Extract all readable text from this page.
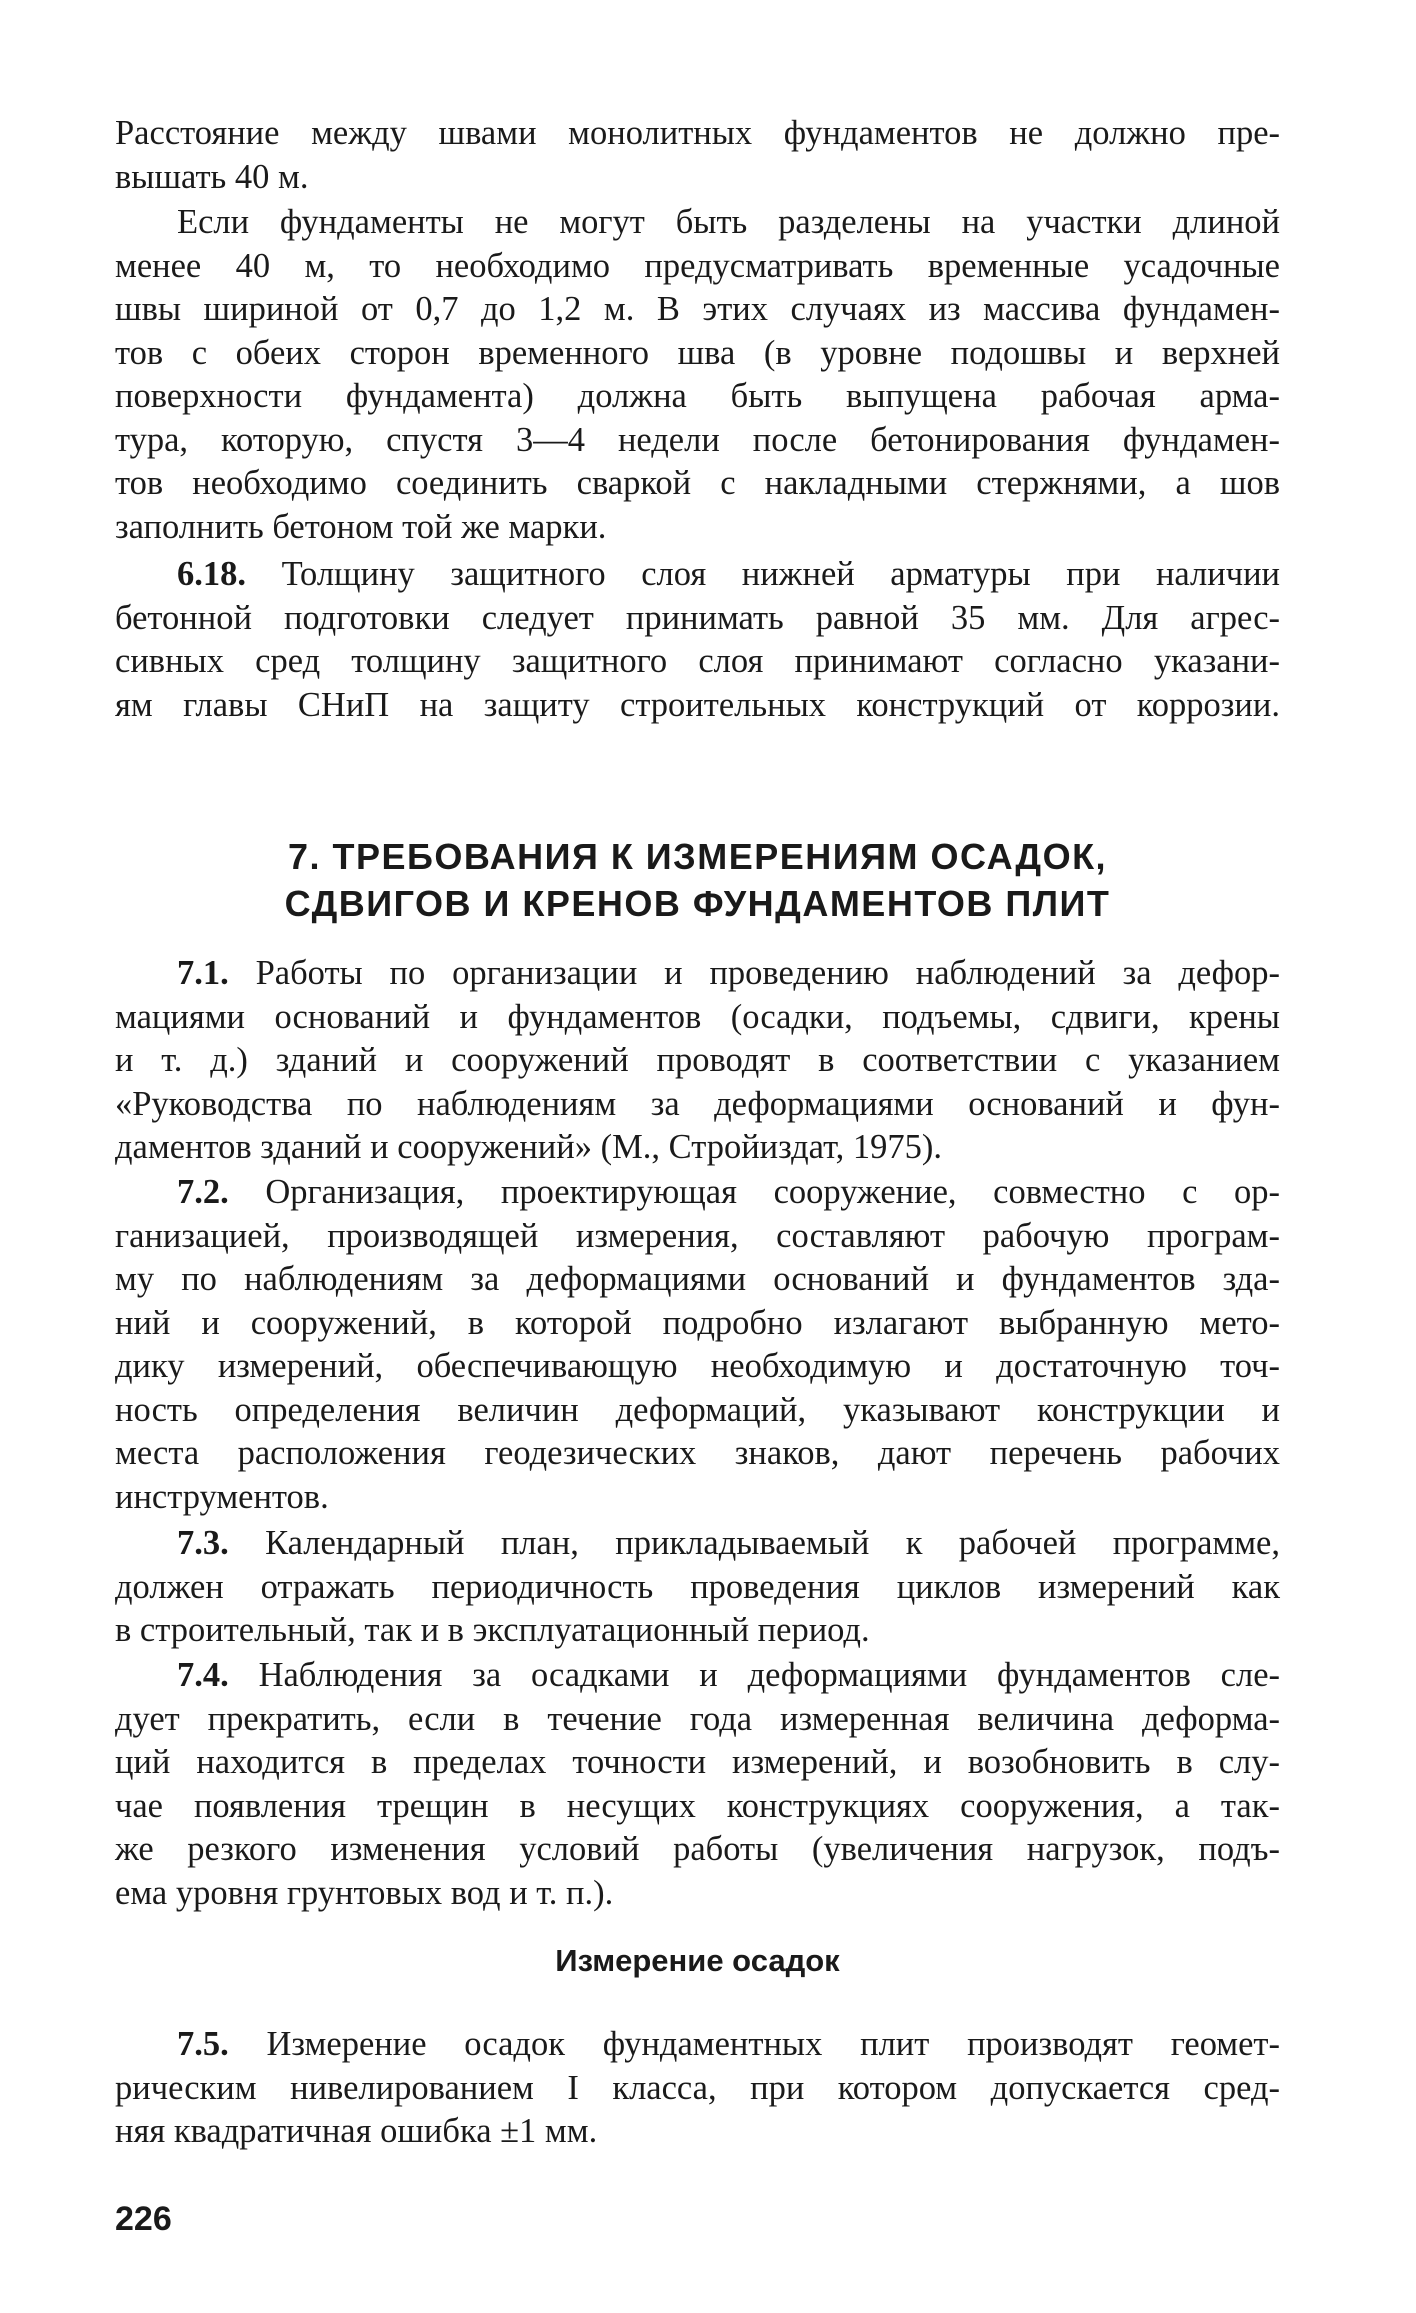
Расстояние между швами монолитных фундаментов не должно пре-
вышать 40 м.
Если фундаменты не могут быть разделены на участки длиной
менее 40 м, то необходимо предусматривать временные усадочные
швы шириной от 0,7 до 1,2 м. В этих случаях из массива фундамен-
тов с обеих сторон временного шва (в уровне подошвы и верхней
поверхности фундамента) должна быть выпущена рабочая арма-
тура, которую, спустя 3—4 недели после бетонирования фундамен-
тов необходимо соединить сваркой с накладными стержнями, а шов
заполнить бетоном той же марки.
6.18. Толщину защитного слоя нижней арматуры при наличии
бетонной подготовки следует принимать равной 35 мм. Для агрес-
сивных сред толщину защитного слоя принимают согласно указани-
ям главы СНиП на защиту строительных конструкций от коррозии.
7. ТРЕБОВАНИЯ К ИЗМЕРЕНИЯМ ОСАДОК,
СДВИГОВ И КРЕНОВ ФУНДАМЕНТОВ ПЛИТ
7.1. Работы по организации и проведению наблюдений за дефор-
мациями оснований и фундаментов (осадки, подъемы, сдвиги, крены
и т. д.) зданий и сооружений проводят в соответствии с указанием
«Руководства по наблюдениям за деформациями оснований и фун-
даментов зданий и сооружений» (М., Стройиздат, 1975).
7.2. Организация, проектирующая сооружение, совместно с ор-
ганизацией, производящей измерения, составляют рабочую програм-
му по наблюдениям за деформациями оснований и фундаментов зда-
ний и сооружений, в которой подробно излагают выбранную мето-
дику измерений, обеспечивающую необходимую и достаточную точ-
ность определения величин деформаций, указывают конструкции и
места расположения геодезических знаков, дают перечень рабочих
инструментов.
7.3. Календарный план, прикладываемый к рабочей программе,
должен отражать периодичность проведения циклов измерений как
в строительный, так и в эксплуатационный период.
7.4. Наблюдения за осадками и деформациями фундаментов сле-
дует прекратить, если в течение года измеренная величина деформа-
ций находится в пределах точности измерений, и возобновить в слу-
чае появления трещин в несущих конструкциях сооружения, а так-
же резкого изменения условий работы (увеличения нагрузок, подъ-
ема уровня грунтовых вод и т. п.).
Измерение осадок
7.5. Измерение осадок фундаментных плит производят геомет-
рическим нивелированием I класса, при котором допускается сред-
няя квадратичная ошибка ±1 мм.
226
